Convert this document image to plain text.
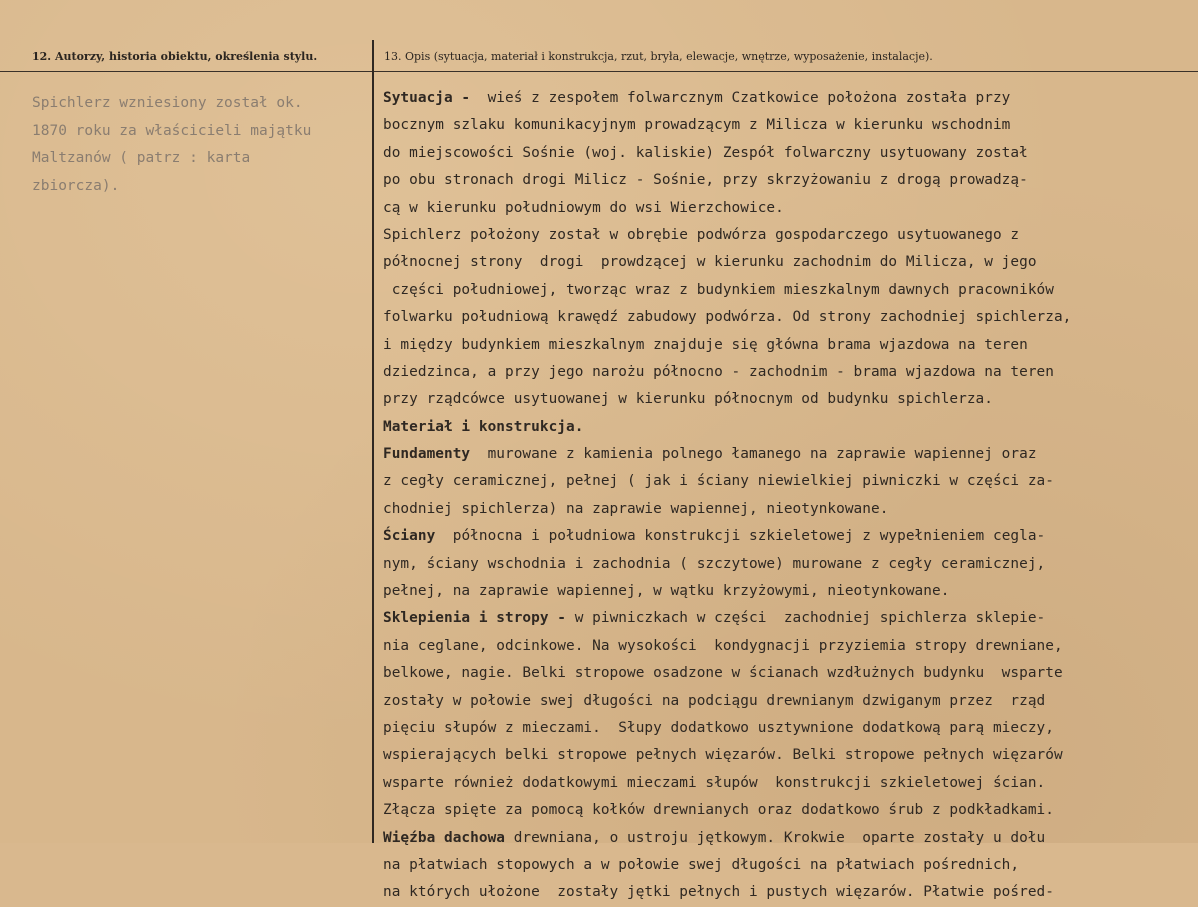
12. Autorzy, historia obiektu, określenia stylu.	13. Opis (sytuacja, materiał i konstrukcja, rzut, bryła, elewacje, wnętrze, wyposażenie, instalacje).
Spichlerz wzniesiony został ok.
1870 roku za właścicieli majątku
Maltzanów ( patrz : karta
zbiorcza).
Sytuacja -  wieś z zespołem folwarcznym Czatkowice położona została przy
bocznym szlaku komunikacyjnym prowadzącym z Milicza w kierunku wschodnim
do miejscowości Sośnie (woj. kaliskie) Zespół folwarczny usytuowany został
po obu stronach drogi Milicz - Sośnie, przy skrzyżowaniu z drogą prowadzą-
cą w kierunku południowym do wsi Wierzchowice.
Spichlerz położony został w obrębie podwórza gospodarczego usytuowanego z
północnej strony  drogi  prowdzącej w kierunku zachodnim do Milicza, w jego
części południowej, tworząc wraz z budynkiem mieszkalnym dawnych pracowników
folwarku południową krawędź zabudowy podwórza. Od strony zachodniej spichlerza,
i między budynkiem mieszkalnym znajduje się główna brama wjazdowa na teren
dziedzinca, a przy jego narożu północno - zachodnim - brama wjazdowa na teren
przy rządcówce usytuowanej w kierunku północnym od budynku spichlerza.
Materiał i konstrukcja.
Fundamenty  murowane z kamienia polnego łamanego na zaprawie wapiennej oraz
z cegły ceramicznej, pełnej ( jak i ściany niewielkiej piwniczki w części za-
chodniej spichlerza) na zaprawie wapiennej, nieotynkowane.
Ściany  północna i południowa konstrukcji szkieletowej z wypełnieniem cegla-
nym, ściany wschodnia i zachodnia ( szczytowe) murowane z cegły ceramicznej,
pełnej, na zaprawie wapiennej, w wątku krzyżowymi, nieotynkowane.
Sklepienia i stropy - w piwniczkach w części  zachodniej spichlerza sklepie-
nia ceglane, odcinkowe. Na wysokości  kondygnacji przyziemia stropy drewniane,
belkowe, nagie. Belki stropowe osadzone w ścianach wzdłużnych budynku  wsparte
zostały w połowie swej długości na podciągu drewnianym dzwiganym przez  rząd
pięciu słupów z mieczami.  Słupy dodatkowo usztywnione dodatkową parą mieczy,
wspierających belki stropowe pełnych więzarów. Belki stropowe pełnych więzarów
wsparte również dodatkowymi mieczami słupów  konstrukcji szkieletowej ścian.
Złącza spięte za pomocą kołków drewnianych oraz dodatkowo śrub z podkładkami.
Więźba dachowa drewniana, o ustroju jętkowym. Krokwie  oparte zostały u dołu
na płatwiach stopowych a w połowie swej długości na płatwiach pośrednich,
na których ułożone  zostały jętki pełnych i pustych więzarów. Płatwie pośred-
